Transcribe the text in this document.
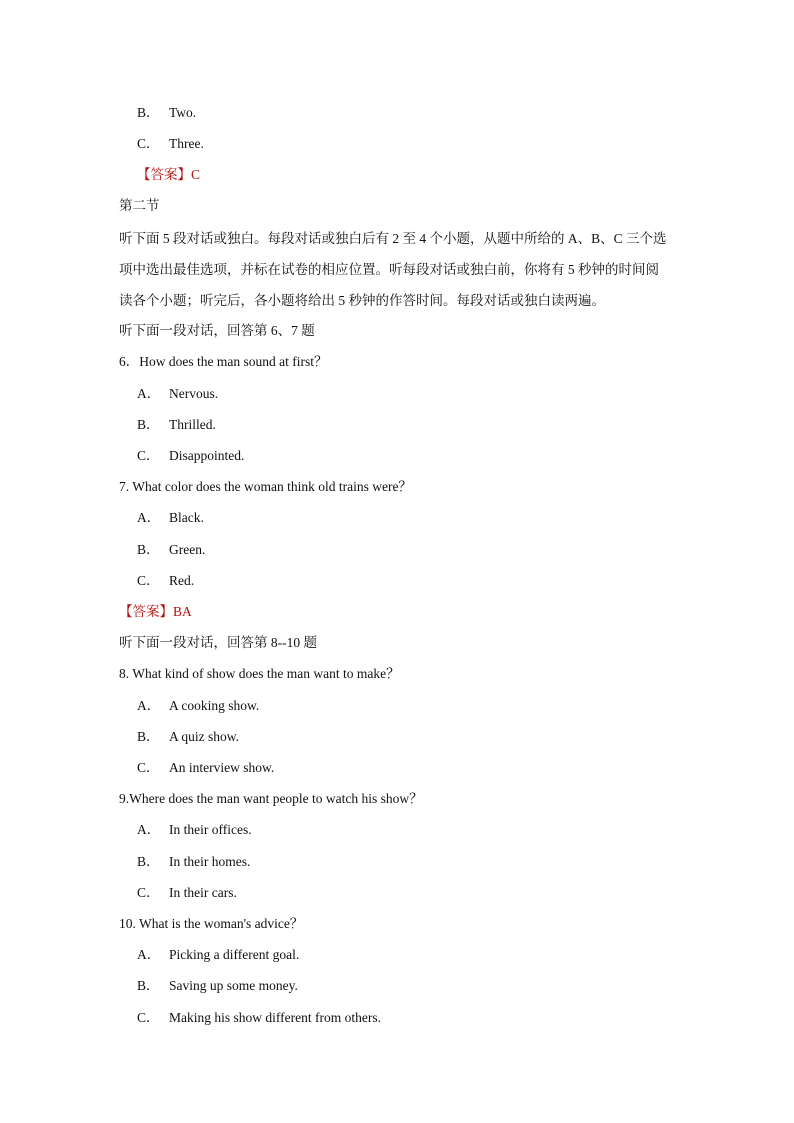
B． Two.
C． Three.
【答案】C
第二节
听下面 5 段对话或独白。每段对话或独白后有 2 至 4 个小题，从题中所给的 A、B、C 三个选
项中选出最佳选项，并标在试卷的相应位置。听每段对话或独白前，你将有 5 秒钟的时间阅
读各个小题；听完后，各小题将给出 5 秒钟的作答时间。每段对话或独白读两遍。
听下面一段对话，回答第 6、7 题
6．How does the man sound at first？
A． Nervous.
B． Thrilled.
C． Disappointed.
7. What color does the woman think old trains were？
A． Black.
B． Green.
C． Red.
【答案】BA
听下面一段对话，回答第 8--10 题
8. What kind of show does the man want to make？
A． A cooking show.
B． A quiz show.
C． An interview show.
9.Where does the man want people to watch his show？
A． In their offices.
B． In their homes.
C． In their cars.
10. What is the woman's advice？
A． Picking a different goal.
B． Saving up some money.
C． Making his show different from others.
